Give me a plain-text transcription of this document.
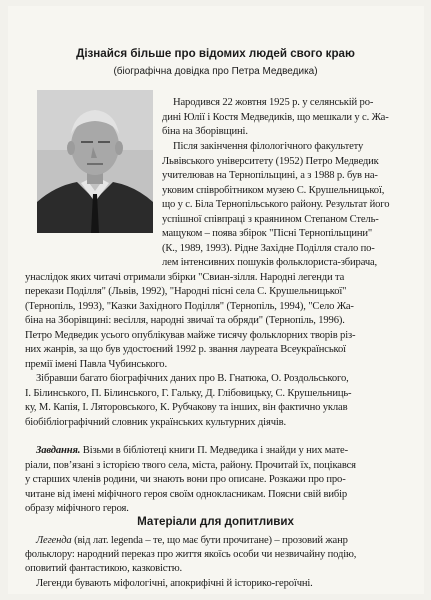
Дізнайся більше про відомих людей свого краю
(біографічна довідка про Петра Медведика)
Народився 22 жовтня 1925 р. у селянській ро-
дині Юлії і Костя Медведиків, що мешкали у с. Жа-
біна на Зборівщині.
Після закінчення філологічного факультету
Львівського університету (1952) Петро Медведик
учителював на Тернопільщині, а з 1988 р. був на-
уковим співробітником музею С. Крушельницької,
що у с. Біла Тернопільського району. Результат його
успішної співпраці з краянином Степаном Стель-
мащуком – поява збірок "Пісні Тернопільщини"
(К., 1989, 1993). Рідне Західне Поділля стало по-
лем інтенсивних пошуків фольклориста-збирача,
унаслідок яких читачі отримали збірки "Свиан-зілля. Народні легенди та
перекази Поділля" (Львів, 1992), "Народні пісні села С. Крушельницької"
(Тернопіль, 1993), "Казки Західного Поділля" (Тернопіль, 1994), "Село Жа-
біна на Зборівщині: весілля, народні звичаї та обряди" (Тернопіль, 1996).
Петро Медведик усього опублікував майже тисячу фольклорних творів різ-
них жанрів, за що був удостоєний 1992 р. звання лауреата Всеукраїнської
премії імені Павла Чубинського.
Зібравши багато біографічних даних про В. Гнатюка, О. Роздольського,
І. Білинського, П. Білинського, Г. Гальку, Д. Глібовицьку, С. Крушельниць-
ку, М. Капія, І. Ляторовського, К. Рубчакову та інших, він фактично уклав
біобібліографічний словник українських культурних діячів.
Завдання. Візьми в бібліотеці книги П. Медведика і знайди у них мате-
ріали, пов’язані з історією твого села, міста, району. Прочитай їх, поцікався
у старших членів родини, чи знають вони про описане. Розкажи про про-
читане від імені міфічного героя своїм однокласникам. Поясни свій вибір
образу міфічного героя.
Матеріали для допитливих
Легенда (від лат. legenda – те, що має бути прочитане) – прозовий жанр
фольклору: народний переказ про життя якоїсь особи чи незвичайну подію,
оповитий фантастикою, казковістю.
Легенди бувають міфологічні, апокрифічні й історико-героїчні.
